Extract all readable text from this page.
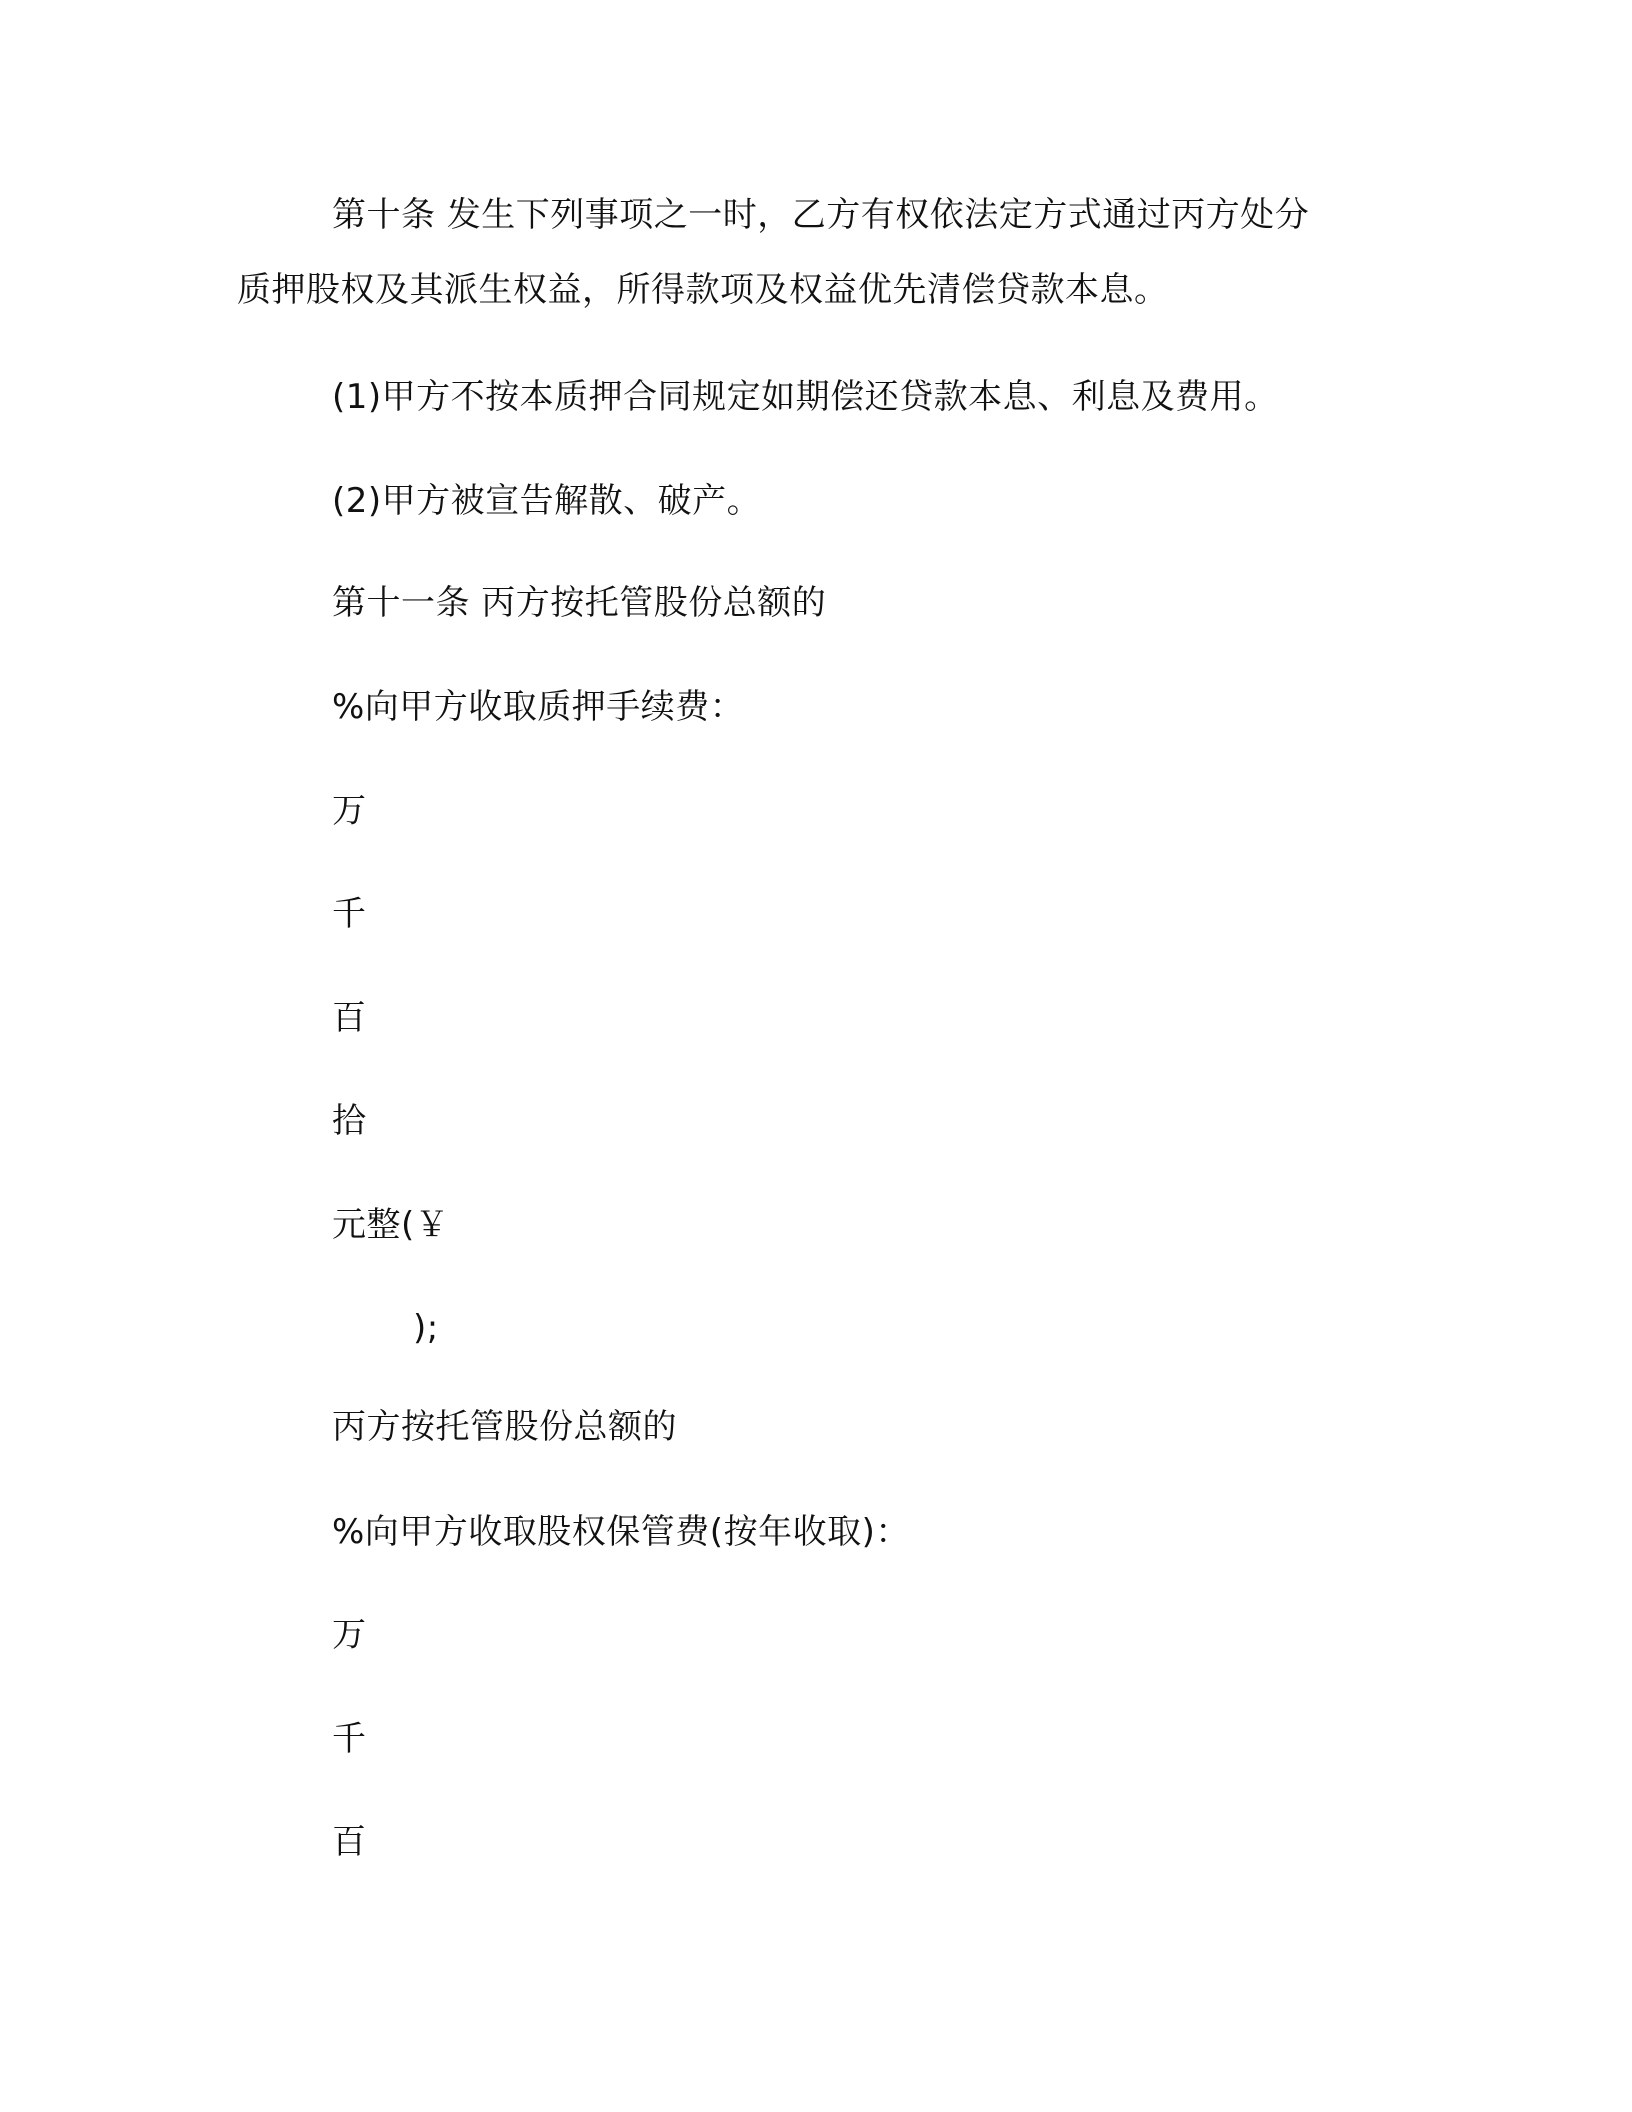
第十条 发生下列事项之一时，乙方有权依法定方式通过丙方处分
质押股权及其派生权益，所得款项及权益优先清偿贷款本息。
(1)甲方不按本质押合同规定如期偿还贷款本息、利息及费用。
(2)甲方被宣告解散、破产。
第十一条 丙方按托管股份总额的
%向甲方收取质押手续费：
万
千
百
拾
元整(￥
);
丙方按托管股份总额的
%向甲方收取股权保管费(按年收取)：
万
千
百
